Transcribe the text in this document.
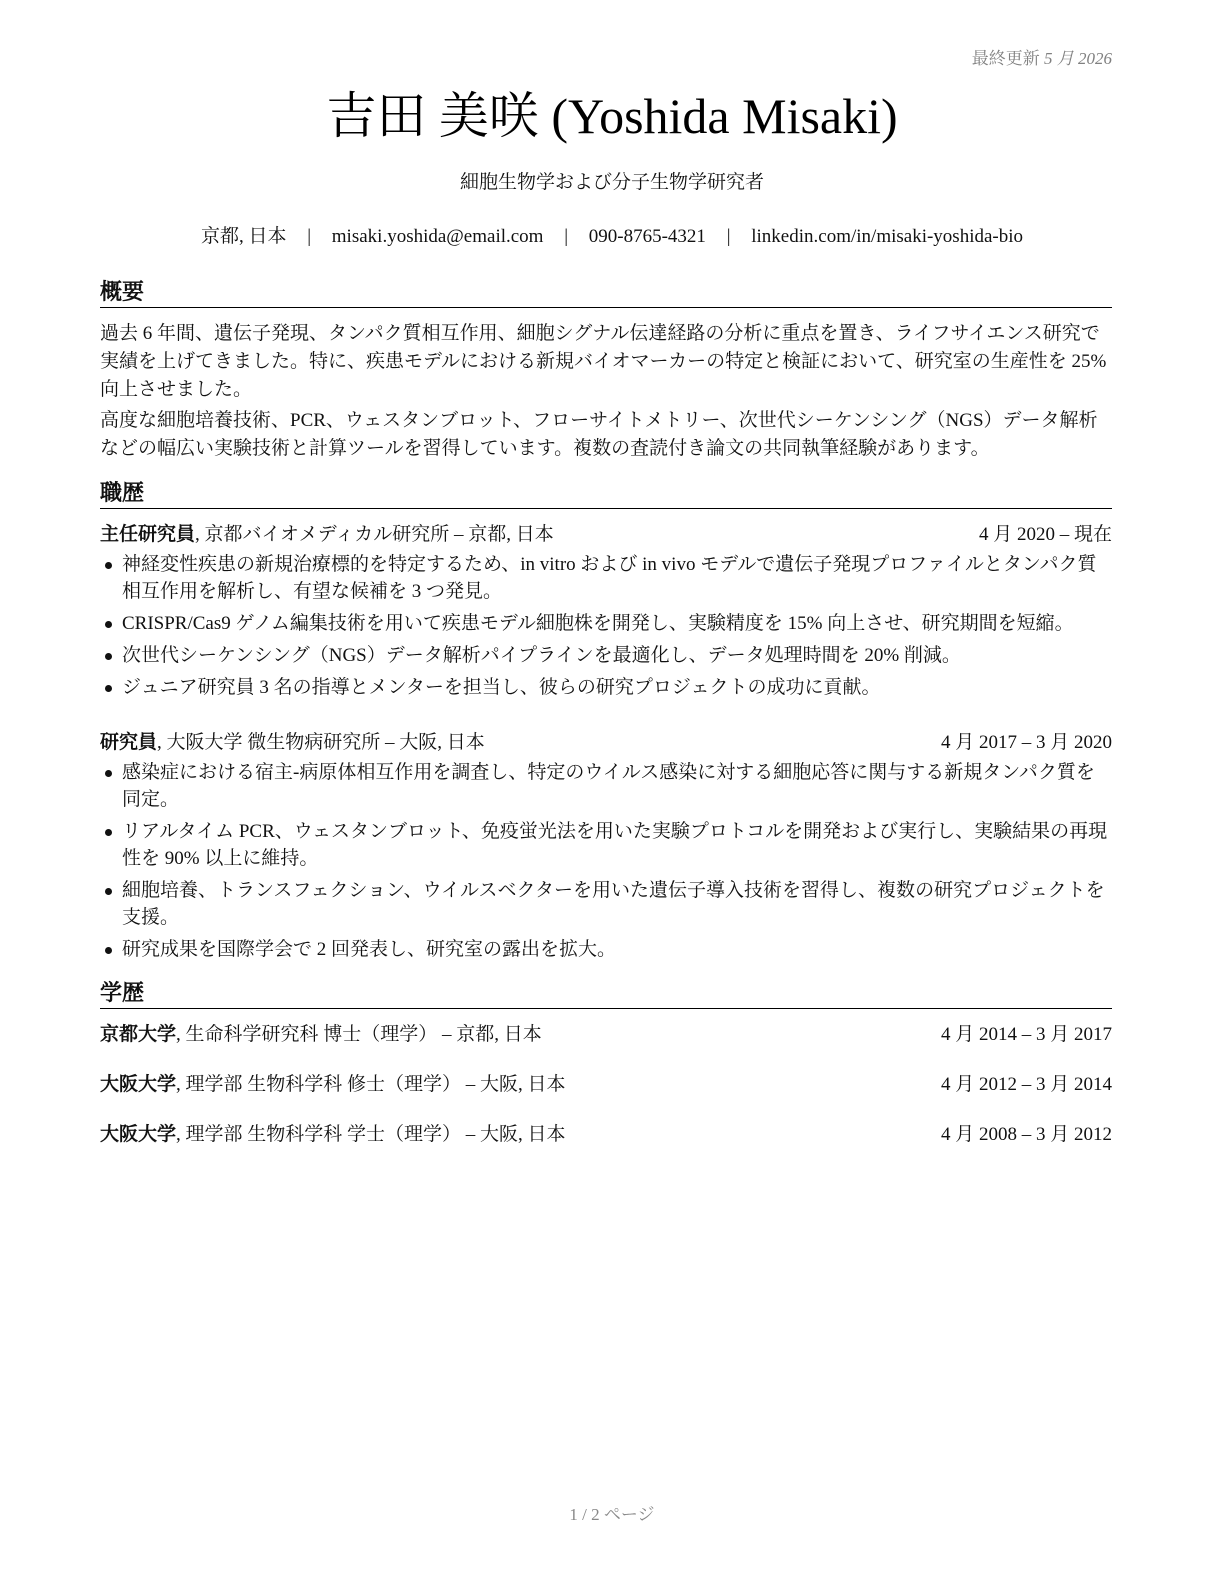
最終更新 5 月 2026
吉田 美咲 (Yoshida Misaki)
細胞生物学および分子生物学研究者
京都, 日本 | misaki.yoshida@email.com | 090-8765-4321 | linkedin.com/in/misaki-yoshida-bio
概要
過去 6 年間、遺伝子発現、タンパク質相互作用、細胞シグナル伝達経路の分析に重点を置き、ライフサイエンス研究で実績を上げてきました。特に、疾患モデルにおける新規バイオマーカーの特定と検証において、研究室の生産性を 25% 向上させました。
高度な細胞培養技術、PCR、ウェスタンブロット、フローサイトメトリー、次世代シーケンシング（NGS）データ解析などの幅広い実験技術と計算ツールを習得しています。複数の査読付き論文の共同執筆経験があります。
職歴
主任研究員, 京都バイオメディカル研究所 – 京都, 日本	4 月 2020 – 現在
神経変性疾患の新規治療標的を特定するため、in vitro および in vivo モデルで遺伝子発現プロファイルとタンパク質相互作用を解析し、有望な候補を 3 つ発見。
CRISPR/Cas9 ゲノム編集技術を用いて疾患モデル細胞株を開発し、実験精度を 15% 向上させ、研究期間を短縮。
次世代シーケンシング（NGS）データ解析パイプラインを最適化し、データ処理時間を 20% 削減。
ジュニア研究員 3 名の指導とメンターを担当し、彼らの研究プロジェクトの成功に貢献。
研究員, 大阪大学 微生物病研究所 – 大阪, 日本	4 月 2017 – 3 月 2020
感染症における宿主-病原体相互作用を調査し、特定のウイルス感染に対する細胞応答に関与する新規タンパク質を同定。
リアルタイム PCR、ウェスタンブロット、免疫蛍光法を用いた実験プロトコルを開発および実行し、実験結果の再現性を 90% 以上に維持。
細胞培養、トランスフェクション、ウイルスベクターを用いた遺伝子導入技術を習得し、複数の研究プロジェクトを支援。
研究成果を国際学会で 2 回発表し、研究室の露出を拡大。
学歴
京都大学, 生命科学研究科 博士（理学） – 京都, 日本	4 月 2014 – 3 月 2017
大阪大学, 理学部 生物科学科 修士（理学） – 大阪, 日本	4 月 2012 – 3 月 2014
大阪大学, 理学部 生物科学科 学士（理学） – 大阪, 日本	4 月 2008 – 3 月 2012
1 / 2 ページ
